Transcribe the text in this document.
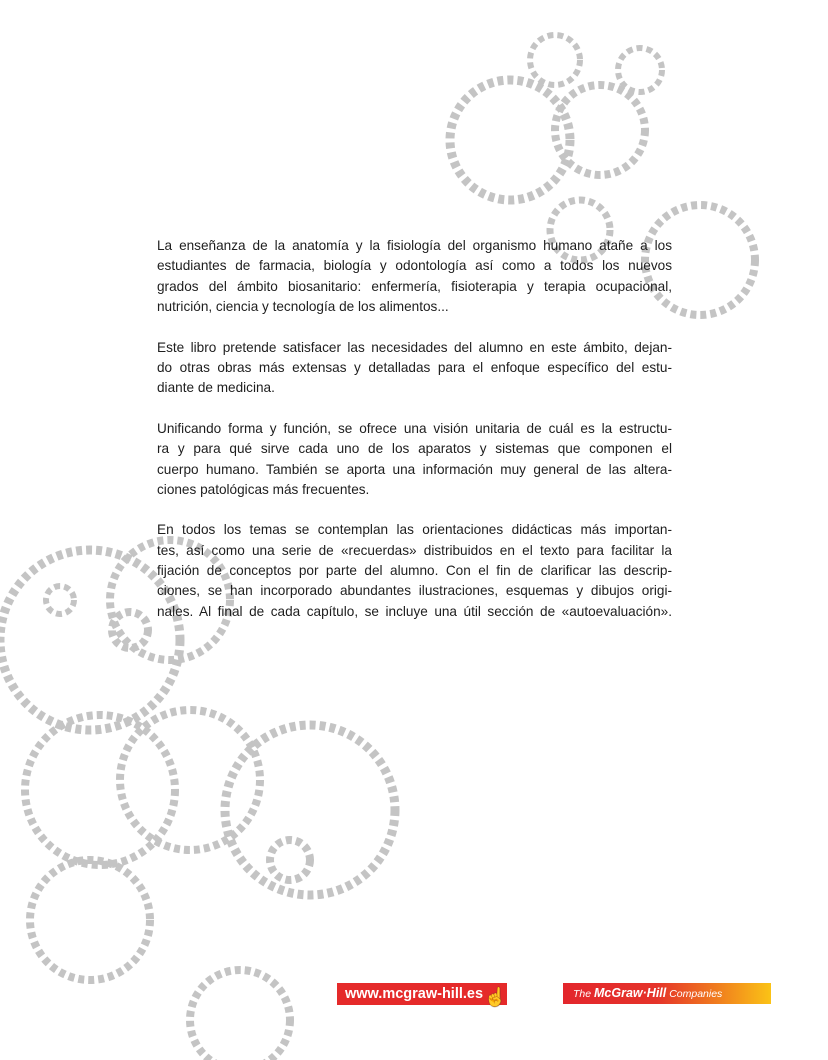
La enseñanza de la anatomía y la fisiología del organismo humano atañe a los
estudiantes de farmacia, biología y odontología así como a todos los nuevos
grados del ámbito biosanitario: enfermería, fisioterapia y terapia ocupacional,
nutrición, ciencia y tecnología de los alimentos...

Este libro pretende satisfacer las necesidades del alumno en este ámbito, dejan-
do otras obras más extensas y detalladas para el enfoque específico del estu-
diante de medicina.

Unificando forma y función, se ofrece una visión unitaria de cuál es la estructu-
ra y para qué sirve cada uno de los aparatos y sistemas que componen el
cuerpo humano. También se aporta una información muy general de las altera-
ciones patológicas más frecuentes.

En todos los temas se contemplan las orientaciones didácticas más importan-
tes, así como una serie de «recuerdas» distribuidos en el texto para facilitar la
fijación de conceptos por parte del alumno. Con el fin de clarificar las descrip-
ciones, se han incorporado abundantes ilustraciones, esquemas y dibujos origi-
nales. Al final de cada capítulo, se incluye una útil sección de «autoevaluación».

www.mcgraw-hill.es ☝	The McGraw·Hill Companies
